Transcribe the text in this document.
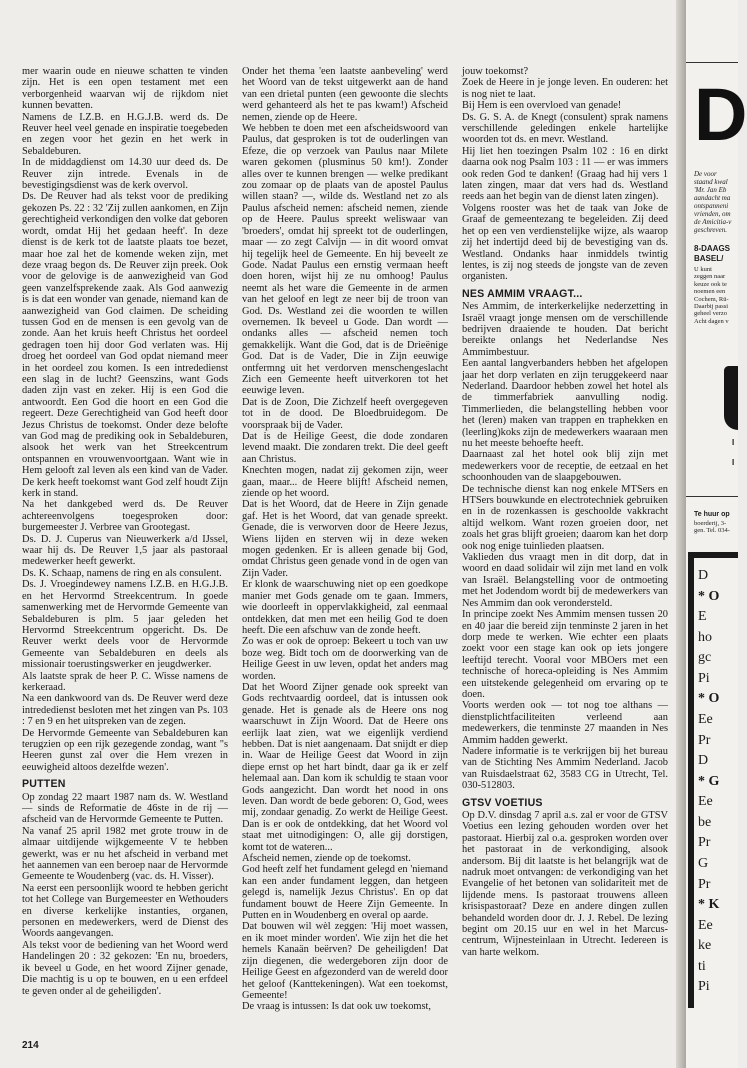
mer waarin oude en nieuwe schatten te vinden zijn. Het is een open testament met een verborgenheid waarvan wij de rijkdom niet kunnen bevatten.

Namens de I.Z.B. en H.G.J.B. werd ds. De Reuver heel veel genade en inspiratie toegebeden en zegen voor het gezin en het werk in Sebaldeburen.

In de middagdienst om 14.30 uur deed ds. De Reuver zijn intrede. Evenals in de bevestigingsdienst was de kerk overvol.

Ds. De Reuver had als tekst voor de prediking gekozen Ps. 22 : 32 'Zij zullen aankomen, en Zijn gerechtigheid verkondigen den volke dat geboren wordt, omdat Hij het gedaan heeft'. In deze dienst is de kerk tot de laatste plaats toe bezet, maar hoe zal het de komende weken zijn, met deze vraag begon ds. De Reuver zijn preek. Ook voor de gelovige is de aanwezigheid van God geen vanzelfsprekende zaak. Als God aanwezig is is dat een wonder van genade, niemand kan de aanwezigheid van God claimen. De scheiding tussen God en de mensen is een gevolg van de zonde. Aan het kruis heeft Christus het oordeel gedragen toen hij door God verlaten was. Hij droeg het oordeel van God opdat niemand meer in het oordeel zou komen. Is een intrededienst een slag in de lucht? Geenszins, want Gods daden zijn vast en zeker. Hij is een God die antwoordt. Een God die hoort en een God die regeert. Deze Gerechtigheid van God heeft door Jezus Christus de toekomst. Onder deze belofte van God mag de prediking ook in Sebaldeburen, alsook het werk van het Streekcentrum ontspannen en vrouwenvoortgaan. Want wie in Hem gelooft zal leven als een kind van de Vader. De kerk heeft toekomst want God zelf houdt Zijn kerk in stand.

Na het dankgebed werd ds. De Reuver achtereenvolgens toegesproken door: burgemeester J. Verbree van Grootegast.

Ds. D. J. Cuperus van Nieuwerkerk a/d IJssel, waar hij ds. De Reuver 1,5 jaar als pastoraal medewerker heeft gewerkt.

Ds. K. Schaap, namens de ring en als consulent.

Ds. J. Vroegindewey namens I.Z.B. en H.G.J.B. en het Hervormd Streekcentrum. In goede samenwerking met de Hervormde Gemeente van Sebaldeburen is plm. 5 jaar geleden het Hervormd Streekcentrum opgericht. Ds. De Reuver werkt deels voor de Hervormde Gemeente van Sebaldeburen en deels als missionair toerustingswerker en jeugdwerker.

Als laatste sprak de heer P. C. Wisse namens de kerkeraad.

Na een dankwoord van ds. De Reuver werd deze intrededienst besloten met het zingen van Ps. 103 : 7 en 9 en het uitspreken van de zegen.

De Hervormde Gemeente van Sebaldeburen kan terugzien op een rijk gezegende zondag, want "s Heeren gunst zal over die Hem vrezen in eeuwigheid altoos dezelfde wezen'.

PUTTEN

Op zondag 22 maart 1987 nam ds. W. Westland — sinds de Reformatie de 46ste in de rij — afscheid van de Hervormde Gemeente te Putten.

Na vanaf 25 april 1982 met grote trouw in de almaar uitdijende wijkgemeente V te hebben gewerkt, was er nu het afscheid in verband met het aannemen van een beroep naar de Hervormde Gemeente te Woudenberg (vac. ds. H. Visser).

Na eerst een persoonlijk woord te hebben gericht tot het College van Burgemeester en Wethouders en diverse kerkelijke instanties, organen, personen en medewerkers, werd de Dienst des Woords aangevangen.

Als tekst voor de bediening van het Woord werd Handelingen 20 : 32 gekozen: 'En nu, broeders, ik beveel u Gode, en het woord Zijner genade, Die machtig is u op te bouwen, en u een erfdeel te geven onder al de geheiligden'.

Onder het thema 'een laatste aanbeveling' werd het Woord van de tekst uitgewerkt aan de hand van een drietal punten (een gewoonte die slechts werd gehanteerd als het te pas kwam!) Afscheid nemen, ziende op de Heere.

We hebben te doen met een afscheidswoord van Paulus, dat gesproken is tot de ouderlingen van Efeze, die op verzoek van Paulus naar Milete waren gekomen (plusminus 50 km!). Zonder alles over te kunnen brengen — welke predikant zou zomaar op de plaats van de apostel Paulus willen staan? —, wilde ds. Westland net zo als Paulus afscheid nemen: afscheid nemen, ziende op de Heere. Paulus spreekt weliswaar van 'broeders', omdat hij spreekt tot de ouderlingen, maar — zo zegt Calvijn — in dit woord omvat hij tegelijk heel de Gemeente. En hij beveelt ze Gode. Nadat Paulus een ernstig vermaan heeft doen horen, wijst hij ze nu omhoog! Paulus neemt als het ware die Gemeente in de armen van het geloof en legt ze neer bij de troon van God. Ds. Westland zei die woorden te willen overnemen. Ik beveel u Gode. Dan wordt — ondanks alles — afscheid nemen toch gemakkelijk. Want die God, dat is de Drieënige God. Dat is de Vader, Die in Zijn eeuwige ontfermng uit het verdorven menschengeslacht Zich een Gemeente heeft uitverkoren tot het eeuwige leven.

Dat is de Zoon, Die Zichzelf heeft overgegeven tot in de dood. De Bloedbruidegom. De voorspraak bij de Vader.

Dat is de Heilige Geest, die dode zondaren levend maakt. Die zondaren trekt. Die deel geeft aan Christus.

Knechten mogen, nadat zij gekomen zijn, weer gaan, maar... de Heere blijft! Afscheid nemen, ziende op het woord.

Dat is het Woord, dat de Heere in Zijn genade gaf. Het is het Woord, dat van genade spreekt. Genade, die is verworven door de Heere Jezus, Wiens lijden en sterven wij in deze weken mogen gedenken. Er is alleen genade bij God, omdat Christus geen genade vond in de ogen van Zijn Vader.

Er klonk de waarschuwing niet op een goedkope manier met Gods genade om te gaan. Immers, wie doorleeft in oppervlakkigheid, zal eenmaal ontdekken, dat men met een heilig God te doen heeft. Die een afschuw van de zonde heeft.

Zo was er ook de oproep: Bekeert u toch van uw boze weg. Bidt toch om de doorwerking van de Heilige Geest in uw leven, opdat het anders mag worden.

Dat het Woord Zijner genade ook spreekt van Gods rechtvaardig oordeel, dat is intussen ook genade. Het is genade als de Heere ons nog waarschuwt in Zijn Woord. Dat de Heere ons eerlijk laat zien, wat we eigenlijk verdiend hebben. Dat is niet aangenaam. Dat snijdt er diep in. Waar de Heilige Geest dat Woord in zijn diepe ernst op het hart bindt, daar ga ik er zelf helemaal aan. Dan kom ik schuldig te staan voor Gods aangezicht. Dan wordt het nood in ons leven. Dan wordt de bede geboren: O, God, wees mij, zondaar genadig. Zo werkt de Heilige Geest. Dan is er ook de ontdekking, dat het Woord vol staat met uitnodigingen: O, alle gij dorstigen, komt tot de wateren...

Afscheid nemen, ziende op de toekomst.

God heeft zelf het fundament gelegd en 'niemand kan een ander fundament leggen, dan hetgeen gelegd is, namelijk Jezus Christus'. En op dat fundament bouwt de Heere Zijn Gemeente. In Putten en in Woudenberg en overal op aarde.

Dat bouwen wil wèl zeggen: 'Hij moet wassen, en ik moet minder worden'. Wie zijn het die het hemels Kanaän beërven? De geheiligden! Dat zijn diegenen, die wedergeboren zijn door de Heilige Geest en afgezonderd van de wereld door het geloof (Kanttekeningen). Wat een toekomst, Gemeente!

De vraag is intussen: Is dat ook uw toekomst,

jouw toekomst?

Zoek de Heere in je jonge leven. En ouderen: het is nog niet te laat.

Bij Hem is een overvloed van genade!

Ds. G. S. A. de Knegt (consulent) sprak namens verschillende geledingen enkele hartelijke woorden tot ds. en mevr. Westland.

Hij liet hen toezingen Psalm 102 : 16 en dirkt daarna ook nog Psalm 103 : 11 — er was immers ook reden God te danken! (Graag had hij vers 1 laten zingen, maar dat vers had ds. Westland reeds aan het begin van de dienst laten zingen).

Volgens rooster was het de taak van Joke de Graaf de gemeentezang te begeleiden. Zij deed het op een ven verdienstelijke wijze, als waarop zij het indertijd deed bij de bevestiging van ds. Westland. Ondanks haar inmiddels twintig lentes, is zij nog steeds de jongste van de zeven organisten.

NES AMMIM VRAAGT...

Nes Ammim, de interkerkelijke nederzetting in Israël vraagt jonge mensen om de verschillende bedrijven draaiende te houden. Dat bericht bereikte onlangs het Nederlandse Nes Ammimbestuur.

Een aantal langverbanders hebben het afgelopen jaar het dorp verlaten en zijn teruggekeerd naar Nederland. Daardoor hebben zowel het hotel als de timmerfabriek aanvulling nodig. Timmerlieden, die belangstelling hebben voor het (leren) maken van trappen en traphekken en (leerling)koks zijn de medewerkers waaraan men nu het meeste behoefte heeft.

Daarnaast zal het hotel ook blij zijn met medewerkers voor de receptie, de eetzaal en het schoonhouden van de slaapgebouwen.

De technische dienst kan nog enkele MTSers en HTSers bouwkunde en electrotechniek gebruiken en in de rozenkassen is geschoolde vakkracht altijd welkom. Want rozen groeien door, net zoals het gras blijft groeien; daarom kan het dorp ook nog enige tuinlieden plaatsen.

Vaklieden dus vraagt men in dit dorp, dat in woord en daad solidair wil zijn met land en volk van Israël. Belangstelling voor de ontmoeting met het Jodendom wordt bij de medewerkers van Nes Ammim dan ook verondersteld.

In principe zoekt Nes Ammim mensen tussen 20 en 40 jaar die bereid zijn tenminste 2 jaren in het dorp mede te werken. Wie echter een plaats zoekt voor een stage kan ook op iets jongere leeftijd terecht. Vooral voor MBOers met een technische of horeca-opleiding is Nes Ammim een uitstekende gelegenheid om ervaring op te doen.

Voorts werden ook — tot nog toe althans — dienstplichtfaciliteiten verleend aan medewerkers, die tenminste 27 maanden in Nes Ammim hadden gewerkt.

Nadere informatie is te verkrijgen bij het bureau van de Stichting Nes Ammim Nederland. Jacob van Ruisdaelstraat 62, 3583 CG in Utrecht, Tel. 030-512803.

GTSV VOETIUS

Op D.V. dinsdag 7 april a.s. zal er voor de GTSV Voetius een lezing gehouden worden over het pastoraat. Hierbij zal o.a. gesproken worden over het pastoraat in de verkondiging, alsook andersom. Bij dit laatste is het belangrijk wat de nadruk moet ontvangen: de verkondiging van het Evangelie of het betonen van solidariteit met de lijdende mens. Is pastoraat trouwens alleen krisispastoraat? Deze en andere dingen zullen behandeld worden door dr. J. J. Rebel. De lezing begint om 20.15 uur en wel in het Marcus-centrum, Wijnesteinlaan in Utrecht. Iedereen is van harte welkom.

214
D
De voor
staand kwal
'Mr. Jan Eb
aandacht ma
ontspanneni
vrienden, om
de Amicitia-v
geschreven.
8-DAAGS
BASEL/
U kunt
zeggen naar
keuze ook te
noemen een
Cochem, Rü-
Daarbij passi
geheel verzo
Acht dagen v
I
I
Te huur op
boerderij, 3-
gen. Tel. 034-
D
* O
E
ho
gc
Pi
* O
Ee
Pr
D
* G
Ee
be
Pr
G
Pr
* K
Ee
ke
ti
Pi
